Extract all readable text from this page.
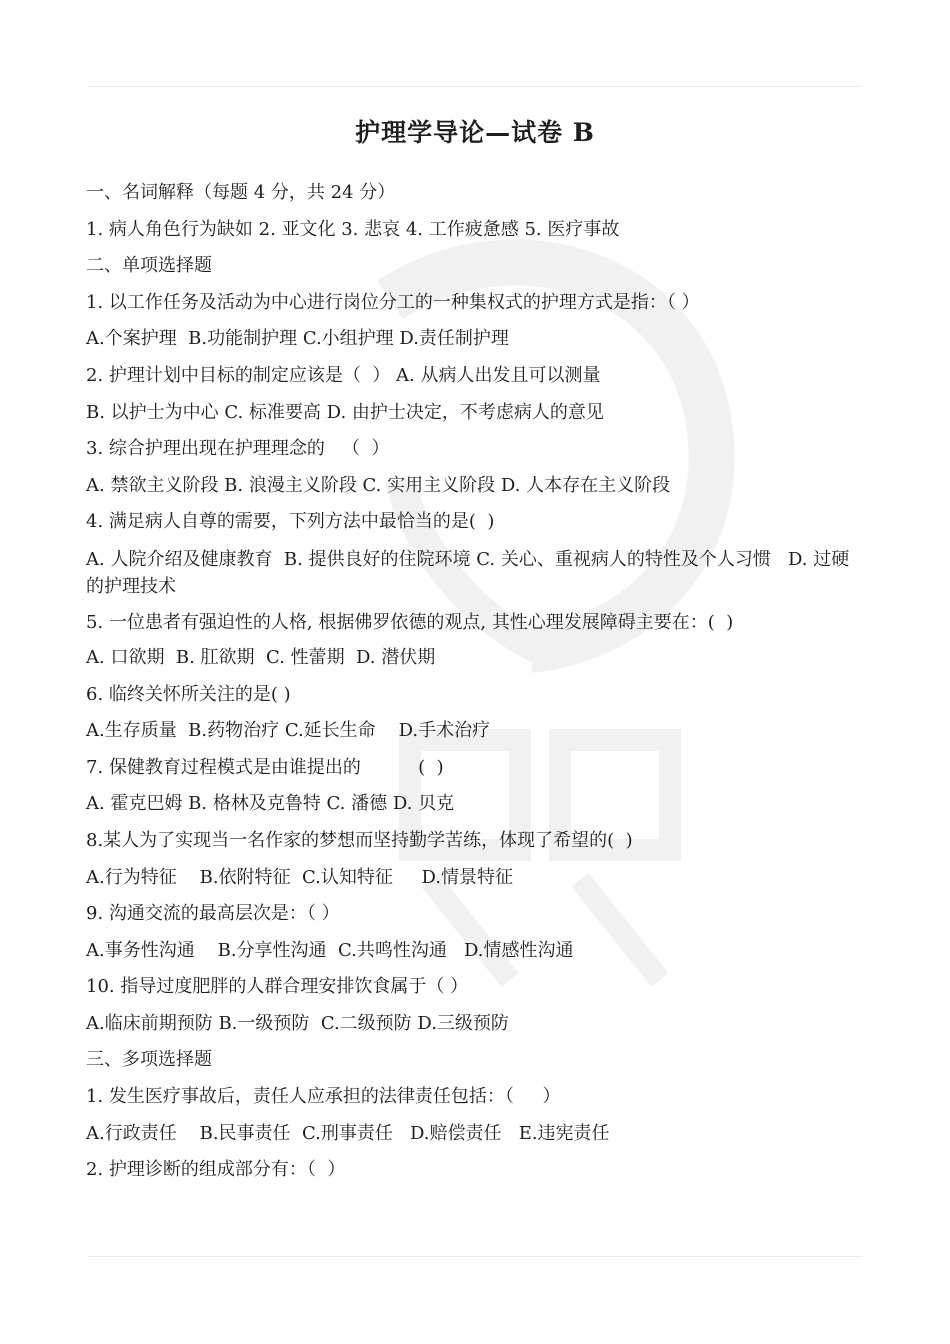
护理学导论—试卷 B
一、名词解释（每题 4 分，共 24 分）
1. 病人角色行为缺如 2. 亚文化 3. 悲哀 4. 工作疲惫感 5. 医疗事故
二、单项选择题
1. 以工作任务及活动为中心进行岗位分工的一种集权式的护理方式是指：（ ）
A.个案护理  B.功能制护理 C.小组护理 D.责任制护理
2. 护理计划中目标的制定应该是（  ） A. 从病人出发且可以测量
B. 以护士为中心 C. 标准要高 D. 由护士决定，不考虑病人的意见
3. 综合护理出现在护理理念的   （  ）
A. 禁欲主义阶段 B. 浪漫主义阶段 C. 实用主义阶段 D. 人本存在主义阶段
4. 满足病人自尊的需要，下列方法中最恰当的是(  )
A. 人院介绍及健康教育  B. 提供良好的住院环境 C. 关心、重视病人的特性及个人习惯   D. 过硬的护理技术
5. 一位患者有强迫性的人格, 根据佛罗依德的观点, 其性心理发展障碍主要在：(  )
A. 口欲期  B. 肛欲期  C. 性蕾期  D. 潜伏期
6. 临终关怀所关注的是( )
A.生存质量  B.药物治疗 C.延长生命    D.手术治疗
7. 保健教育过程模式是由谁提出的          (  )
A. 霍克巴姆 B. 格林及克鲁特 C. 潘德 D. 贝克
8.某人为了实现当一名作家的梦想而坚持勤学苦练，体现了希望的(  )
A.行为特征    B.依附特征  C.认知特征     D.情景特征
9. 沟通交流的最高层次是：（ ）
A.事务性沟通    B.分享性沟通  C.共鸣性沟通   D.情感性沟通
10. 指导过度肥胖的人群合理安排饮食属于（ ）
A.临床前期预防 B.一级预防  C.二级预防 D.三级预防
三、多项选择题
1. 发生医疗事故后，责任人应承担的法律责任包括：（     ）
A.行政责任    B.民事责任  C.刑事责任   D.赔偿责任   E.违宪责任
2. 护理诊断的组成部分有：（  ）
